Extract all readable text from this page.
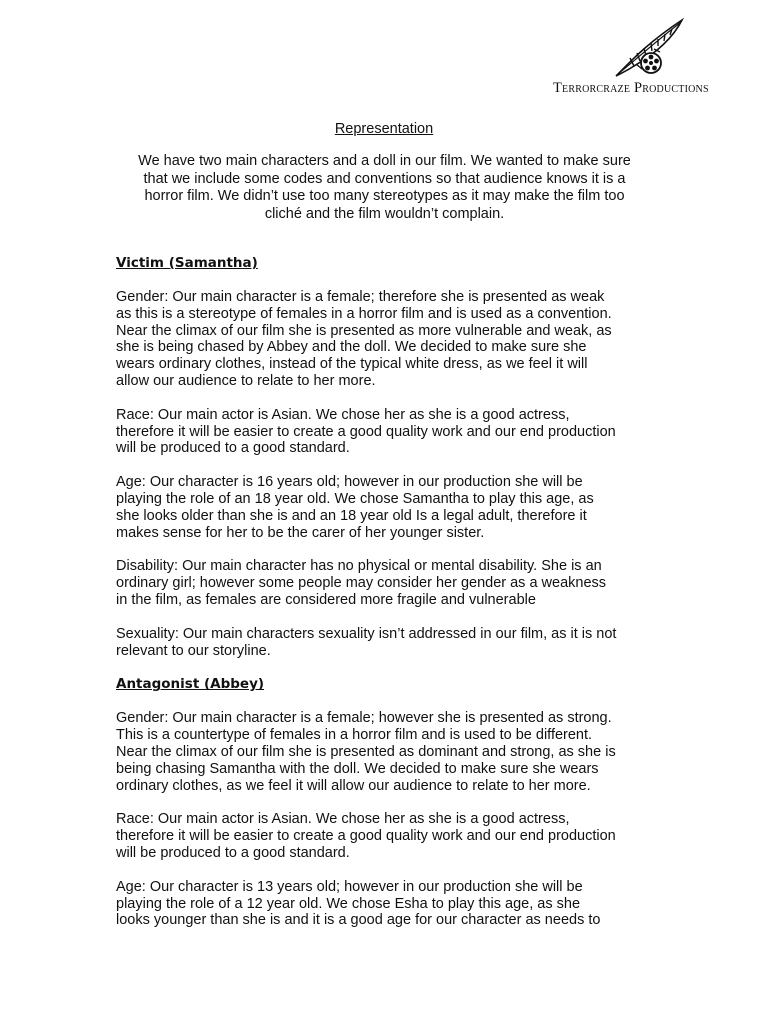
Terrorcraze Productions
Representation

We have two main characters and a doll in our film. We wanted to make sure
that we include some codes and conventions so that audience knows it is a
horror film. We didn’t use too many stereotypes as it may make the film too
cliché and the film wouldn’t complain.

Victim (Samantha)

Gender: Our main character is a female; therefore she is presented as weak
as this is a stereotype of females in a horror film and is used as a convention.
Near the climax of our film she is presented as more vulnerable and weak, as
she is being chased by Abbey and the doll. We decided to make sure she
wears ordinary clothes, instead of the typical white dress, as we feel it will
allow our audience to relate to her more.

Race: Our main actor is Asian. We chose her as she is a good actress,
therefore it will be easier to create a good quality work and our end production
will be produced to a good standard.

Age: Our character is 16 years old; however in our production she will be
playing the role of an 18 year old. We chose Samantha to play this age, as
she looks older than she is and an 18 year old Is a legal adult, therefore it
makes sense for her to be the carer of her younger sister.

Disability: Our main character has no physical or mental disability. She is an
ordinary girl; however some people may consider her gender as a weakness
in the film, as females are considered more fragile and vulnerable

Sexuality: Our main characters sexuality isn’t addressed in our film, as it is not
relevant to our storyline.

Antagonist (Abbey)

Gender: Our main character is a female; however she is presented as strong.
This is a countertype of females in a horror film and is used to be different.
Near the climax of our film she is presented as dominant and strong, as she is
being chasing Samantha with the doll. We decided to make sure she wears
ordinary clothes, as we feel it will allow our audience to relate to her more.

Race: Our main actor is Asian. We chose her as she is a good actress,
therefore it will be easier to create a good quality work and our end production
will be produced to a good standard.

Age: Our character is 13 years old; however in our production she will be
playing the role of a 12 year old. We chose Esha to play this age, as she
looks younger than she is and it is a good age for our character as needs to
